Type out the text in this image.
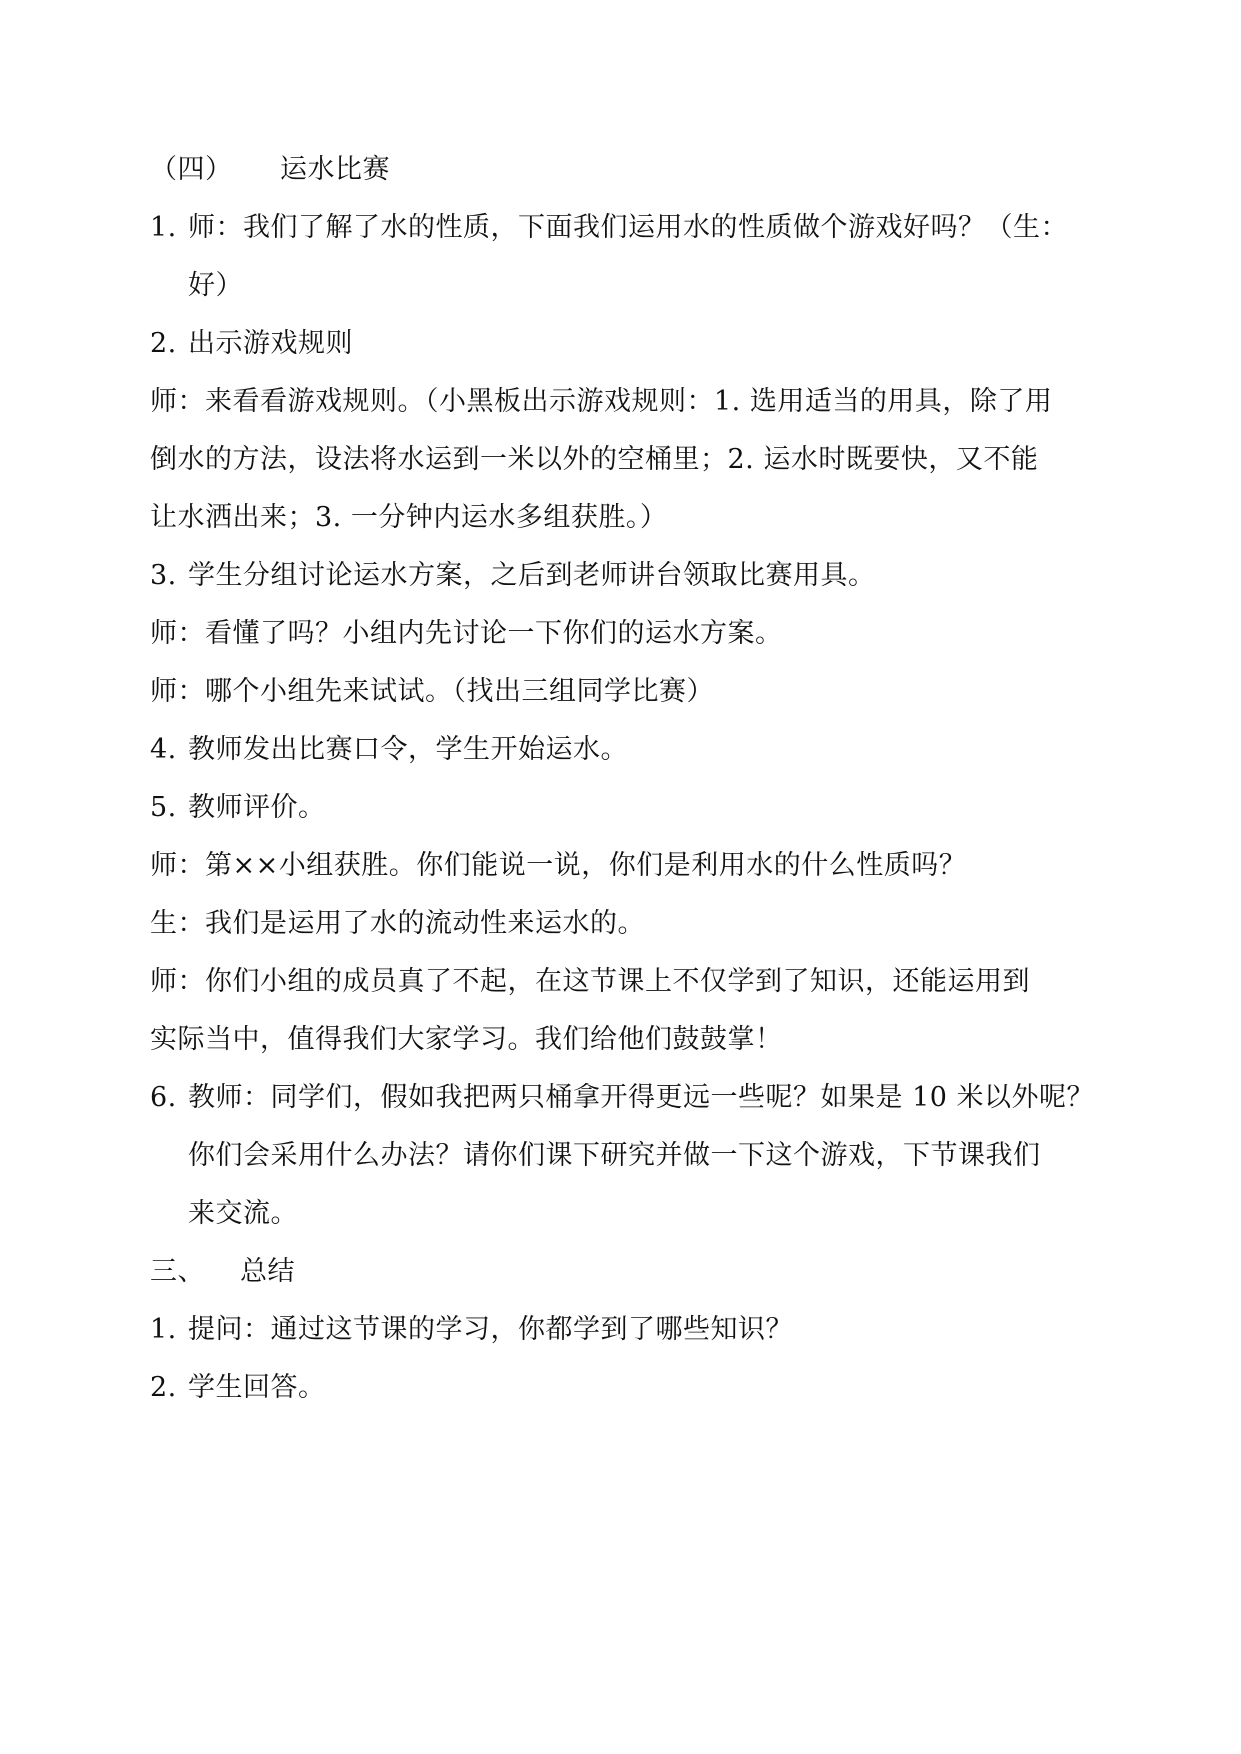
（四） 运水比赛
1. 师：我们了解了水的性质，下面我们运用水的性质做个游戏好吗？（生：
好）
2. 出示游戏规则
师：来看看游戏规则。（小黑板出示游戏规则：1. 选用适当的用具，除了用
倒水的方法，设法将水运到一米以外的空桶里；2. 运水时既要快，又不能
让水洒出来；3. 一分钟内运水多组获胜。）
3. 学生分组讨论运水方案，之后到老师讲台领取比赛用具。
师：看懂了吗？小组内先讨论一下你们的运水方案。
师：哪个小组先来试试。（找出三组同学比赛）
4. 教师发出比赛口令，学生开始运水。
5. 教师评价。
师：第××小组获胜。你们能说一说，你们是利用水的什么性质吗？
生：我们是运用了水的流动性来运水的。
师：你们小组的成员真了不起，在这节课上不仅学到了知识，还能运用到
实际当中，值得我们大家学习。我们给他们鼓鼓掌！
6. 教师：同学们，假如我把两只桶拿开得更远一些呢？如果是 10 米以外呢？
你们会采用什么办法？请你们课下研究并做一下这个游戏，下节课我们
来交流。
三、 总结
1. 提问：通过这节课的学习，你都学到了哪些知识？
2. 学生回答。
